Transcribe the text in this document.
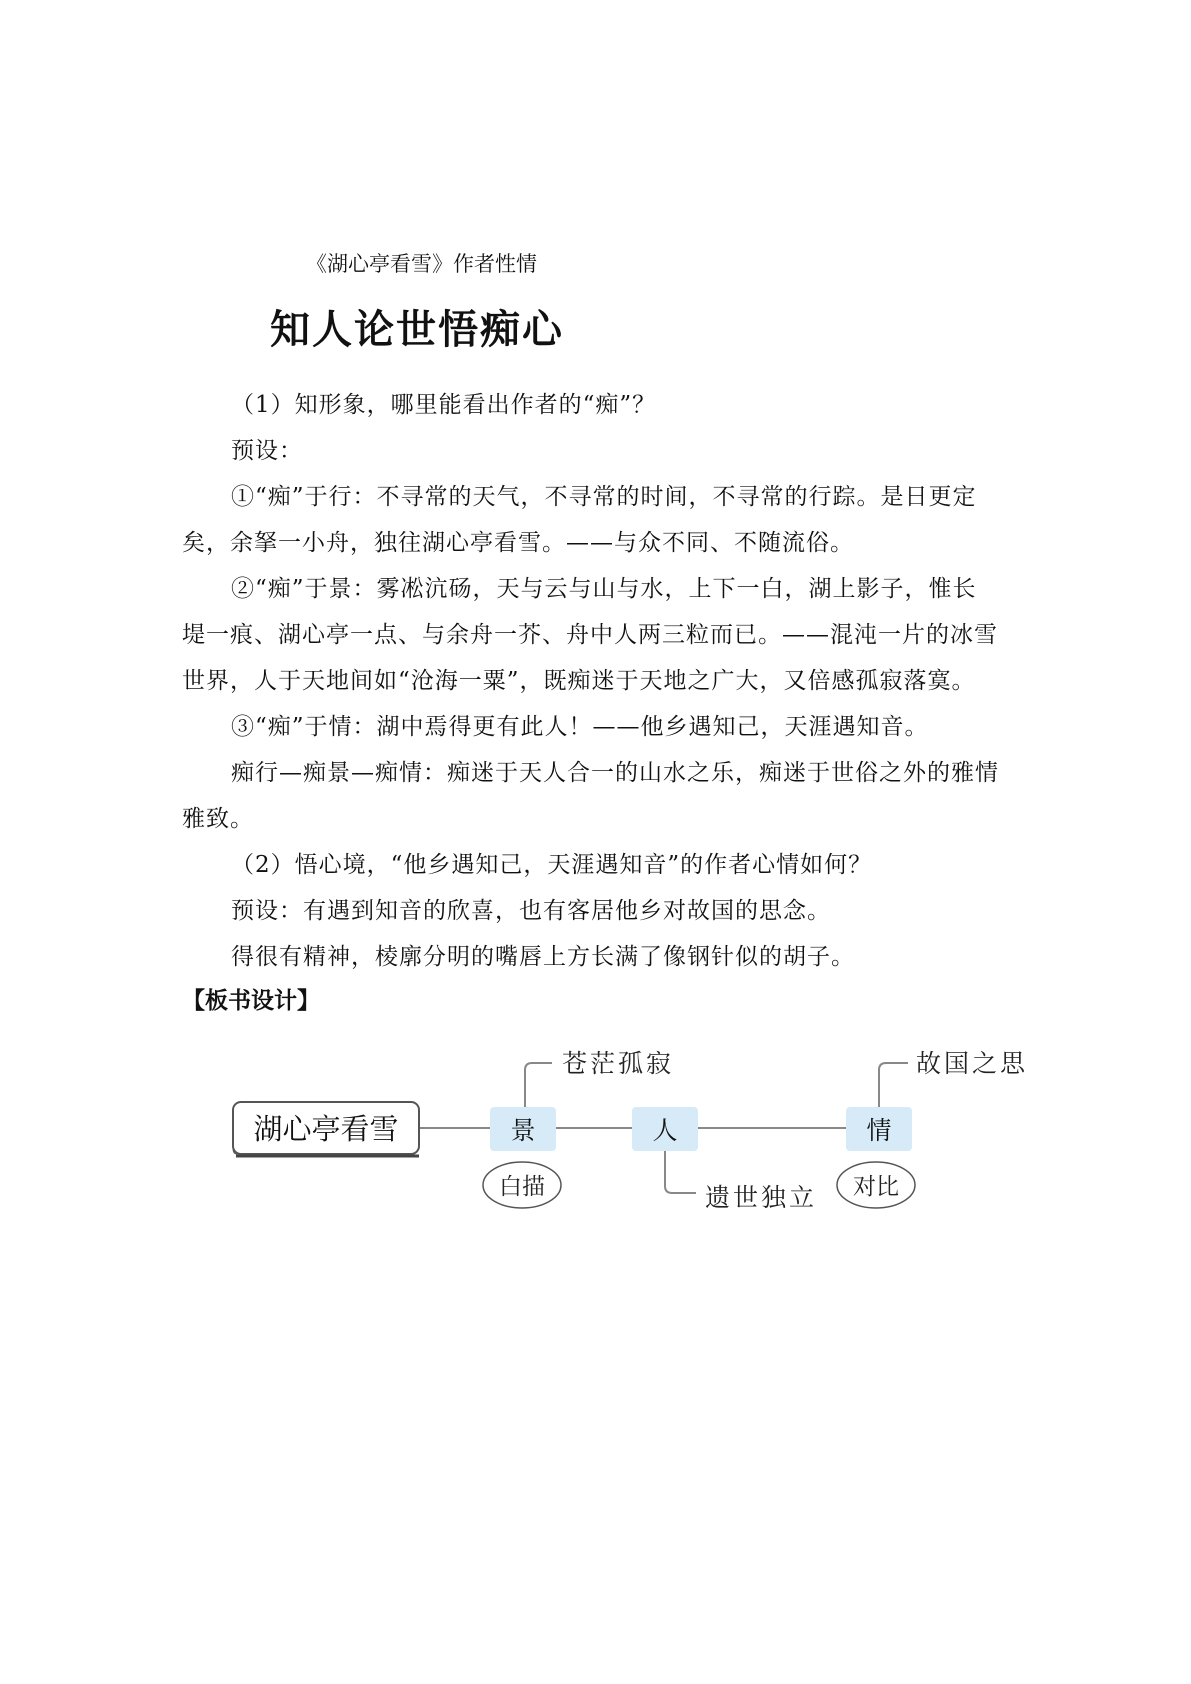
《湖心亭看雪》作者性情
知人论世悟痴心
（1）知形象，哪里能看出作者的“痴”？
预设：
①“痴”于行：不寻常的天气，不寻常的时间，不寻常的行踪。是日更定
矣，余拏一小舟，独往湖心亭看雪。——与众不同、不随流俗。
②“痴”于景：雾凇沆砀，天与云与山与水，上下一白，湖上影子，惟长
堤一痕、湖心亭一点、与余舟一芥、舟中人两三粒而已。——混沌一片的冰雪
世界，人于天地间如“沧海一粟”，既痴迷于天地之广大，又倍感孤寂落寞。
③“痴”于情：湖中焉得更有此人！——他乡遇知己，天涯遇知音。
痴行—痴景—痴情：痴迷于天人合一的山水之乐，痴迷于世俗之外的雅情
雅致。
（2）悟心境，“他乡遇知己，天涯遇知音”的作者心情如何？
预设：有遇到知音的欣喜，也有客居他乡对故国的思念。
得很有精神，棱廓分明的嘴唇上方长满了像钢针似的胡子。
【板书设计】
湖心亭看雪	景	人	情
苍茫孤寂
遗世独立
故国之思
白描	对比
